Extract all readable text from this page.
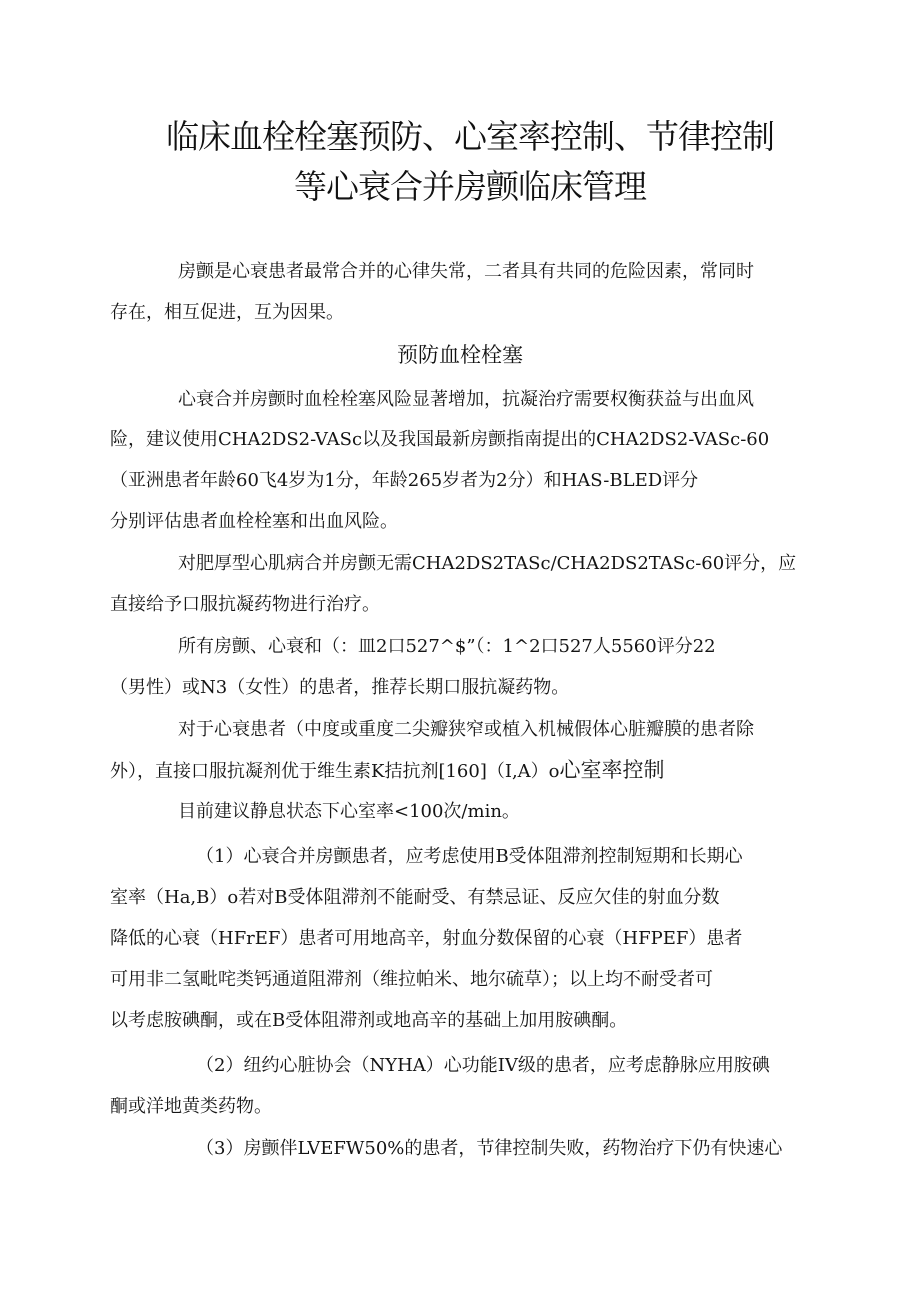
临床血栓栓塞预防、心室率控制、节律控制
等心衰合并房颤临床管理
房颤是心衰患者最常合并的心律失常，二者具有共同的危险因素，常同时
存在，相互促进，互为因果。
预防血栓栓塞
心衰合并房颤时血栓栓塞风险显著增加，抗凝治疗需要权衡获益与出血风
险，建议使用CHA2DS2-VASc以及我国最新房颤指南提出的CHA2DS2-VASc-60
（亚洲患者年龄60飞4岁为1分，年龄265岁者为2分）和HAS-BLED评分
分别评估患者血栓栓塞和出血风险。
对肥厚型心肌病合并房颤无需CHA2DS2TASc/CHA2DS2TASc-60评分，应
直接给予口服抗凝药物进行治疗。
所有房颤、心衰和（：皿2口527^$”（：1^2口527人5560评分22
（男性）或N3（女性）的患者，推荐长期口服抗凝药物。
对于心衰患者（中度或重度二尖瓣狭窄或植入机械假体心脏瓣膜的患者除
外），直接口服抗凝剂优于维生素K拮抗剂[160]（I,A）o心室率控制
目前建议静息状态下心室率<100次/min。
（1）心衰合并房颤患者，应考虑使用B受体阻滞剂控制短期和长期心
室率（Ha,B）o若对B受体阻滞剂不能耐受、有禁忌证、反应欠佳的射血分数
降低的心衰（HFrEF）患者可用地高辛，射血分数保留的心衰（HFPEF）患者
可用非二氢毗咤类钙通道阻滞剂（维拉帕米、地尔硫草）；以上均不耐受者可
以考虑胺碘酮，或在B受体阻滞剂或地高辛的基础上加用胺碘酮。
（2）纽约心脏协会（NYHA）心功能IV级的患者，应考虑静脉应用胺碘
酮或洋地黄类药物。
（3）房颤伴LVEFW50%的患者，节律控制失败，药物治疗下仍有快速心
